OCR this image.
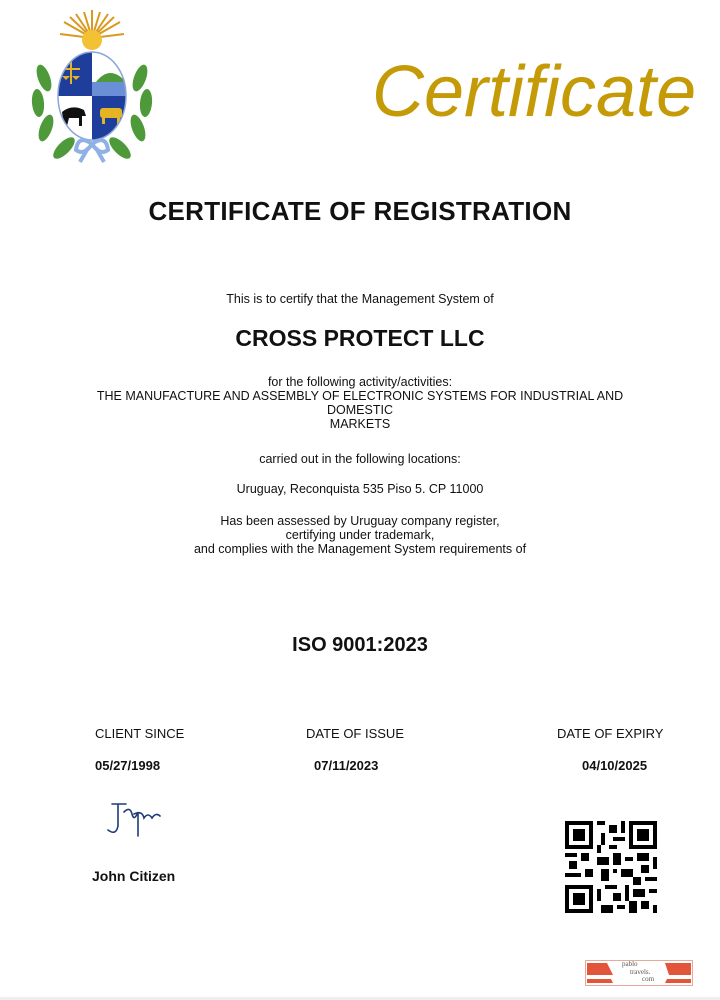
Certificate
CERTIFICATE OF REGISTRATION
This is to certify that the Management System of
CROSS PROTECT LLC
for the following activity/activities:
THE MANUFACTURE AND ASSEMBLY OF ELECTRONIC SYSTEMS FOR INDUSTRIAL AND
DOMESTIC
MARKETS
carried out in the following locations:
Uruguay, Reconquista 535 Piso 5. CP 11000
Has been assessed by Uruguay company register,
certifying under trademark,
and complies with the Management System requirements of
ISO 9001:2023
CLIENT SINCE	DATE OF ISSUE	DATE OF EXPIRY
05/27/1998	07/11/2023	04/10/2025
John Citizen
pablo
travels.
com
